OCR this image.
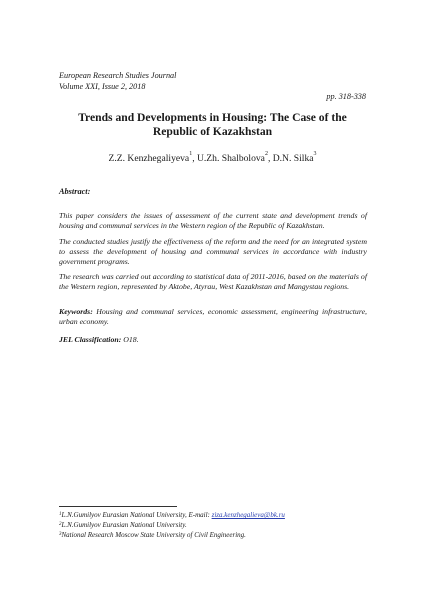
European Research Studies Journal
Volume XXI, Issue 2, 2018
pp. 318-338
Trends and Developments in Housing: The Case of the Republic of Kazakhstan
Z.Z. Kenzhegaliyeva$^1$, U.Zh. Shalbolova$^2$, D.N. Silka$^3$
Abstract:
This paper considers the issues of assessment of the current state and development trends of housing and communal services in the Western region of the Republic of Kazakhstan.
The conducted studies justify the effectiveness of the reform and the need for an integrated system to assess the development of housing and communal services in accordance with industry government programs.
The research was carried out according to statistical data of 2011-2016, based on the materials of the Western region, represented by Aktobe, Atyrau, West Kazakhstan and Mangystau regions.
Keywords: Housing and communal services, economic assessment, engineering infrastructure, urban economy.
JEL Classification: O18.
$^1$L.N.Gumilyov Eurasian National University, E-mail: ziza.kenzhegalieva@bk.ru
$^2$L.N.Gumilyov Eurasian National University.
$^3$National Research Moscow State University of Civil Engineering.
